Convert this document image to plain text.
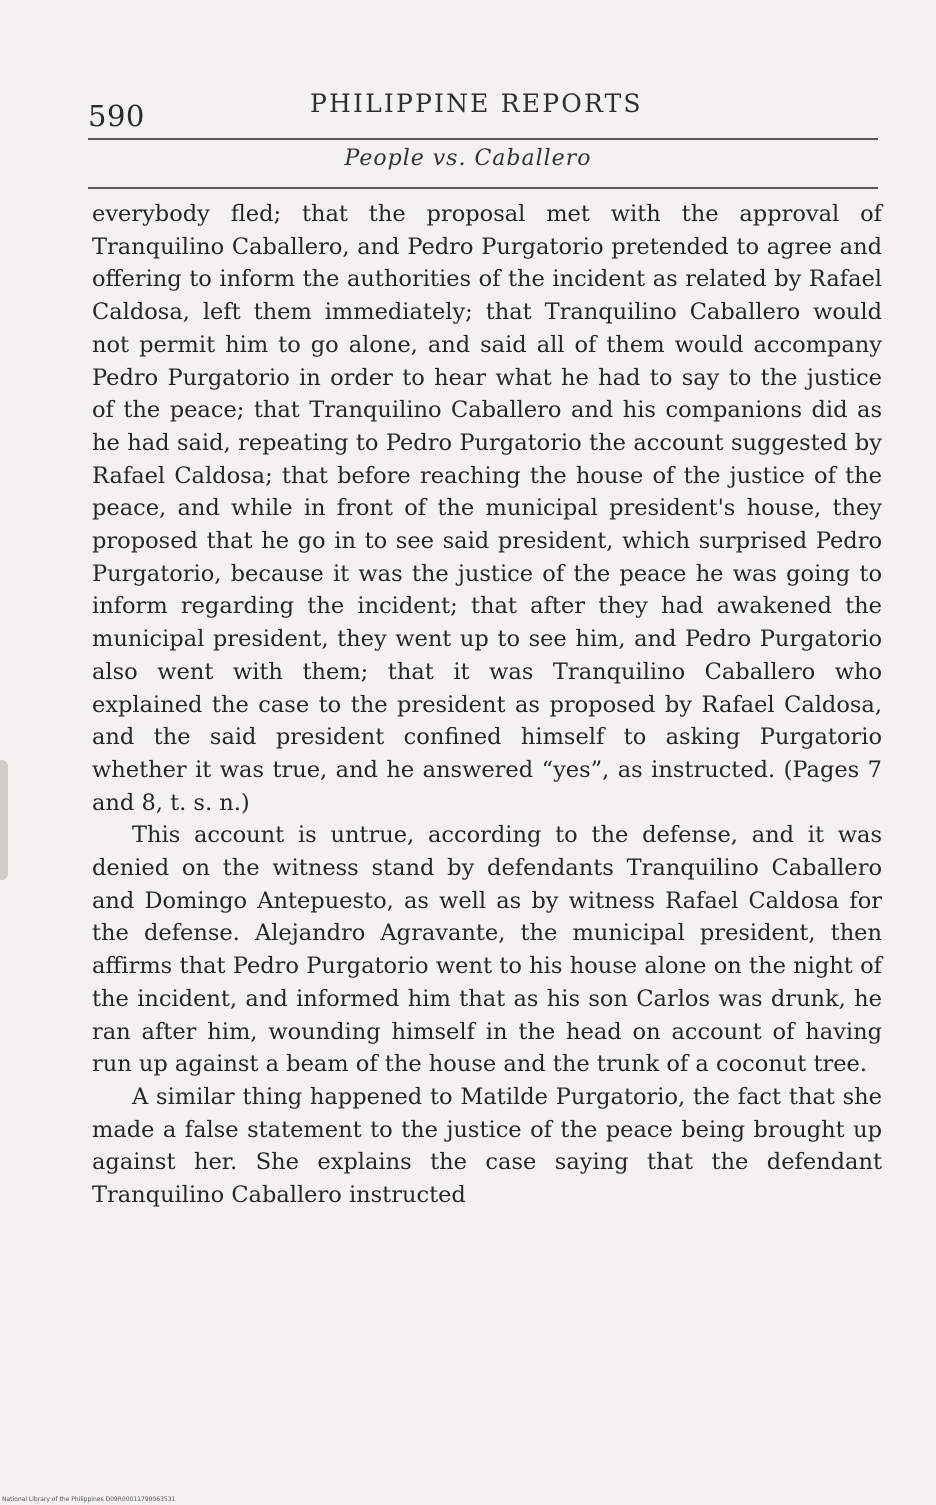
590	PHILIPPINE REPORTS
People vs. Caballero

everybody fled; that the proposal met with the approval of Tranquilino Caballero, and Pedro Purgatorio pretended to agree and offering to inform the authorities of the incident as related by Rafael Caldosa, left them immediately; that Tranquilino Caballero would not permit him to go alone, and said all of them would accompany Pedro Purgatorio in order to hear what he had to say to the justice of the peace; that Tranquilino Caballero and his companions did as he had said, repeating to Pedro Purgatorio the account suggested by Rafael Caldosa; that before reaching the house of the justice of the peace, and while in front of the municipal president's house, they proposed that he go in to see said president, which surprised Pedro Purgatorio, because it was the justice of the peace he was going to inform regarding the incident; that after they had awakened the municipal president, they went up to see him, and Pedro Purgatorio also went with them; that it was Tranquilino Caballero who explained the case to the president as proposed by Rafael Caldosa, and the said president confined himself to asking Purgatorio whether it was true, and he answered “yes”, as instructed. (Pages 7 and 8, t. s. n.)

This account is untrue, according to the defense, and it was denied on the witness stand by defendants Tranquilino Caballero and Domingo Antepuesto, as well as by witness Rafael Caldosa for the defense. Alejandro Agravante, the municipal president, then affirms that Pedro Purgatorio went to his house alone on the night of the incident, and informed him that as his son Carlos was drunk, he ran after him, wounding himself in the head on account of having run up against a beam of the house and the trunk of a coconut tree.

A similar thing happened to Matilde Purgatorio, the fact that she made a false statement to the justice of the peace being brought up against her. She explains the case saying that the defendant Tranquilino Caballero instructed

National Library of the Philippines D09R00011790063531
